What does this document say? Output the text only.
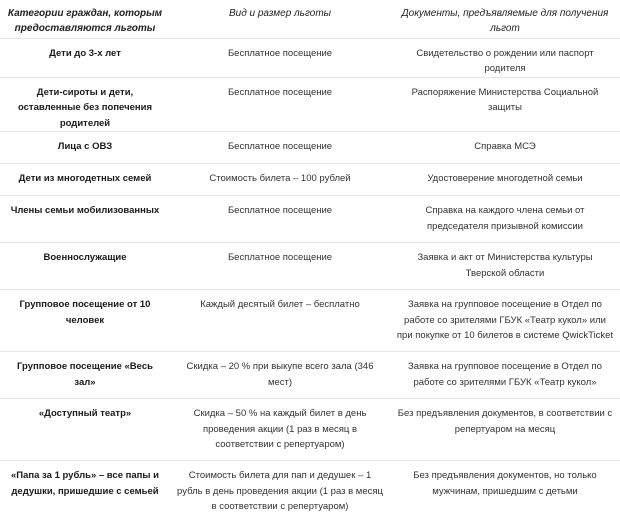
Категории граждан, которым предоставляются льготы	Вид и размер льготы	Документы, предъявляемые для получения льгот
Дети до 3-х лет	Бесплатное посещение	Свидетельство о рождении или паспорт родителя
Дети-сироты и дети, оставленные без попечения родителей	Бесплатное посещение	Распоряжение Министерства Социальной защиты
Лица с ОВЗ	Бесплатное посещение	Справка МСЭ
Дети из многодетных семей	Стоимость билета – 100 рублей	Удостоверение многодетной семьи
Члены семьи мобилизованных	Бесплатное посещение	Справка на каждого члена семьи от председателя призывной комиссии
Военнослужащие	Бесплатное посещение	Заявка и акт от Министерства культуры Тверской области
Групповое посещение от 10 человек	Каждый десятый билет – бесплатно	Заявка на групповое посещение в Отдел по работе со зрителями ГБУК «Театр кукол» или при покупке от 10 билетов в системе QwickTicket
Групповое посещение «Весь зал»	Скидка – 20 % при выкупе всего зала (346 мест)	Заявка на групповое посещение в Отдел по работе со зрителями ГБУК «Театр кукол»
«Доступный театр»	Скидка – 50 % на каждый билет в день проведения акции (1 раз в месяц в соответствии с репертуаром)	Без предъявления документов, в соответствии с репертуаром на месяц
«Папа за 1 рубль» – все папы и дедушки, пришедшие с семьей	Стоимость билета для пап и дедушек – 1 рубль в день проведения акции (1 раз в месяц в соответствии с репертуаром)	Без предъявления документов, но только мужчинам, пришедшим с детьми
